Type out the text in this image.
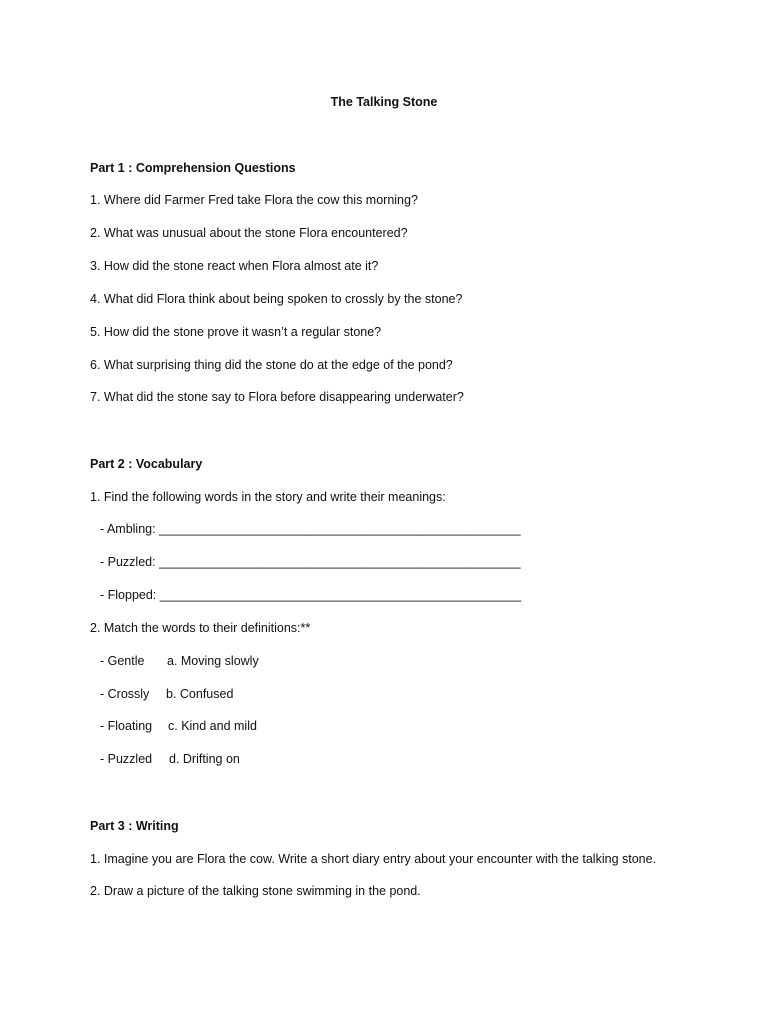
The Talking Stone
Part 1 : Comprehension Questions
1. Where did Farmer Fred take Flora the cow this morning?
2. What was unusual about the stone Flora encountered?
3. How did the stone react when Flora almost ate it?
4. What did Flora think about being spoken to crossly by the stone?
5. How did the stone prove it wasn’t a regular stone?
6. What surprising thing did the stone do at the edge of the pond?
7. What did the stone say to Flora before disappearing underwater?
Part 2 : Vocabulary
1. Find the following words in the story and write their meanings:
- Ambling: ____________________________________________________
- Puzzled: ____________________________________________________
- Flopped: ____________________________________________________
2. Match the words to their definitions:**
- Gentle a. Moving slowly
- Crossly b. Confused
- Floating c. Kind and mild
- Puzzled d. Drifting on
Part 3 : Writing
1. Imagine you are Flora the cow. Write a short diary entry about your encounter with the talking stone.
2. Draw a picture of the talking stone swimming in the pond.
